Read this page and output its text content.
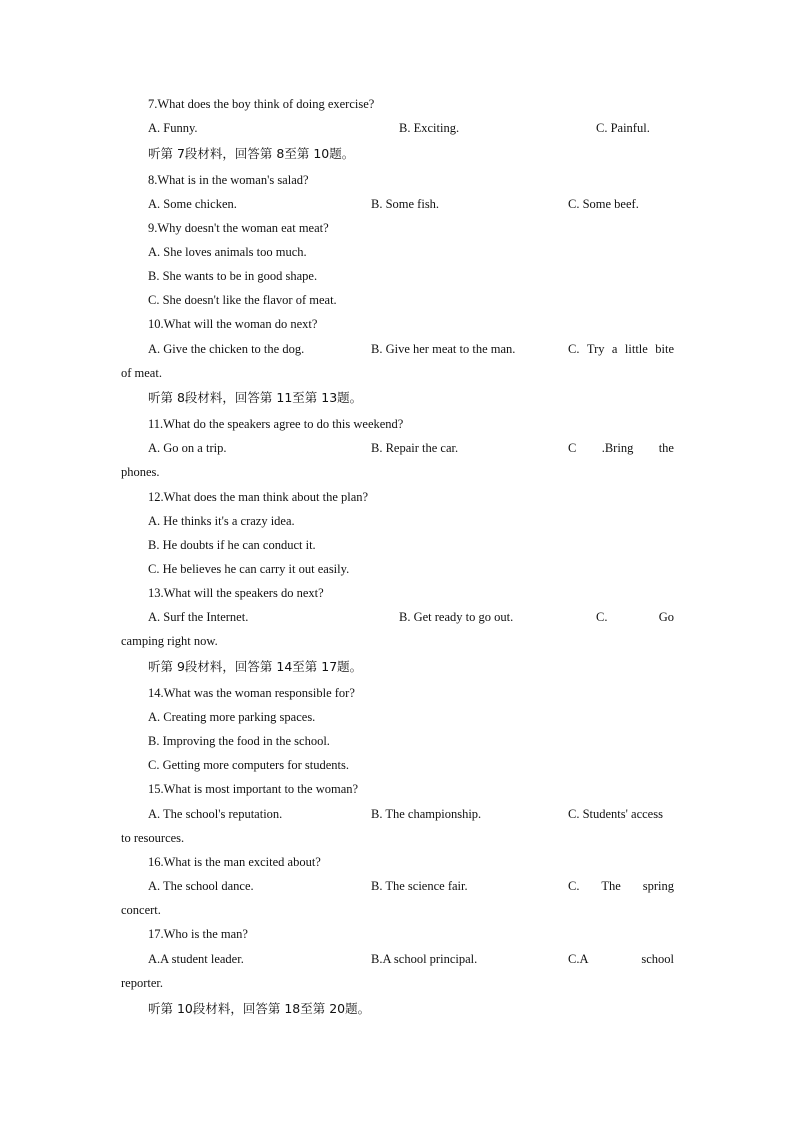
7.What does the boy think of doing exercise?
A. Funny.	B. Exciting.	C. Painful.
听第 7段材料，回答第 8至第 10题。
8.What is in the woman's salad?
A. Some chicken.	B. Some fish.	C. Some beef.
9.Why doesn't the woman eat meat?
A. She loves animals too much.
B. She wants to be in good shape.
C. She doesn't like the flavor of meat.
10.What will the woman do next?
A. Give the chicken to the dog.	B. Give her meat to the man.	C. Try a little bite
of meat.
听第 8段材料，回答第 11至第 13题。
11.What do the speakers agree to do this weekend?
A. Go on a trip.	B. Repair the car.	C .Bring the
phones.
12.What does the man think about the plan?
A. He thinks it's a crazy idea.
B. He doubts if he can conduct it.
C. He believes he can carry it out easily.
13.What will the speakers do next?
A. Surf the Internet.	B. Get ready to go out.	C.	Go
camping right now.
听第 9段材料，回答第 14至第 17题。
14.What was the woman responsible for?
A. Creating more parking spaces.
B. Improving the food in the school.
C. Getting more computers for students.
15.What is most important to the woman?
A. The school's reputation.	B. The championship.	C. Students' access
to resources.
16.What is the man excited about?
A. The school dance.	B. The science fair.	C. The spring
concert.
17.Who is the man?
A.A student leader.	B.A school principal.	C.A	school
reporter.
听第 10段材料，回答第 18至第 20题。
